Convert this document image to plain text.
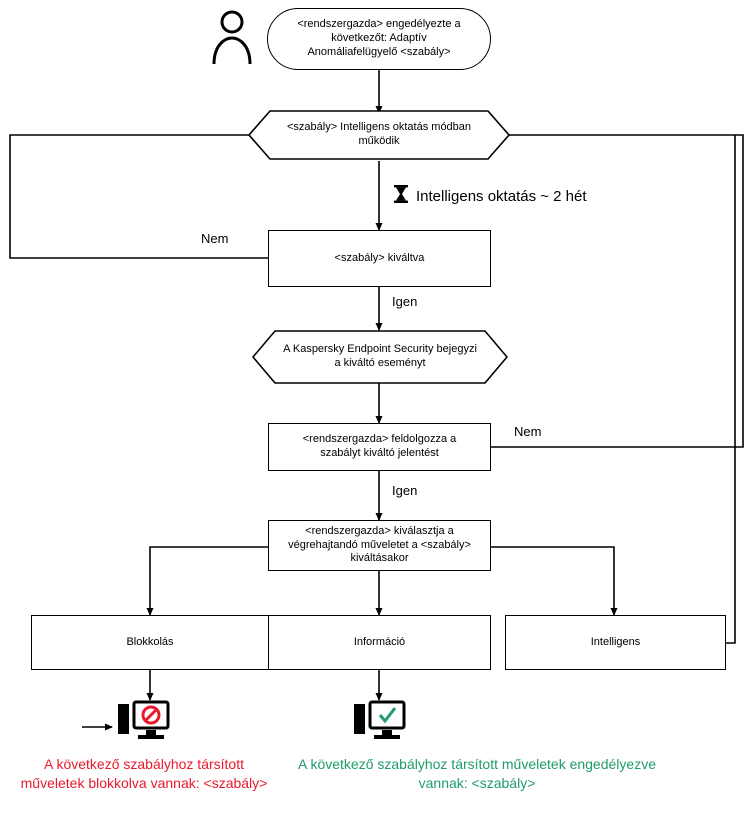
<rendszergazda> engedélyezte a következőt: Adaptív Anomáliafelügyelő <szabály>
<szabály> Intelligens oktatás módban működik
Intelligens oktatás ~ 2 hét
<szabály> kiváltva
A Kaspersky Endpoint Security bejegyzi a kiváltó eseményt
<rendszergazda> feldolgozza a szabályt kiváltó jelentést
<rendszergazda> kiválasztja a végrehajtandó műveletet a <szabály> kiváltásakor
Blokkolás	Információ	Intelligens
Nem
Igen
Nem
Igen
A következő szabályhoz társított műveletek blokkolva vannak: <szabály>
A következő szabályhoz társított műveletek engedélyezve vannak: <szabály>
